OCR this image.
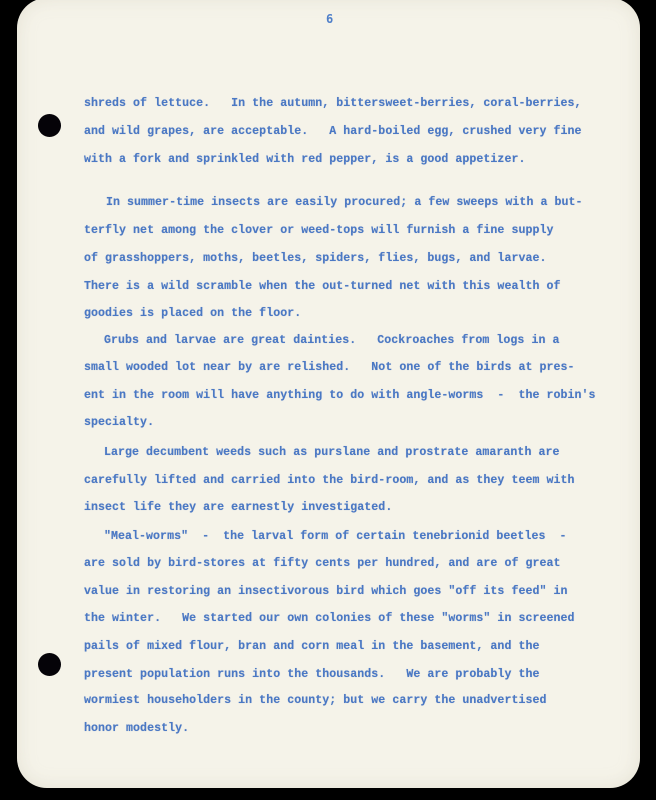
6
shreds of lettuce.   In the autumn, bittersweet-berries, coral-berries,
and wild grapes, are acceptable.   A hard-boiled egg, crushed very fine
with a fork and sprinkled with red pepper, is a good appetizer.
In summer-time insects are easily procured; a few sweeps with a but-
terfly net among the clover or weed-tops will furnish a fine supply
of grasshoppers, moths, beetles, spiders, flies, bugs, and larvae.
There is a wild scramble when the out-turned net with this wealth of
goodies is placed on the floor.
Grubs and larvae are great dainties.   Cockroaches from logs in a
small wooded lot near by are relished.   Not one of the birds at pres-
ent in the room will have anything to do with angle-worms  -  the robin's
specialty.
Large decumbent weeds such as purslane and prostrate amaranth are
carefully lifted and carried into the bird-room, and as they teem with
insect life they are earnestly investigated.
"Meal-worms"  -  the larval form of certain tenebrionid beetles  -
are sold by bird-stores at fifty cents per hundred, and are of great
value in restoring an insectivorous bird which goes "off its feed" in
the winter.   We started our own colonies of these "worms" in screened
pails of mixed flour, bran and corn meal in the basement, and the
present population runs into the thousands.   We are probably the
wormiest householders in the county; but we carry the unadvertised
honor modestly.
